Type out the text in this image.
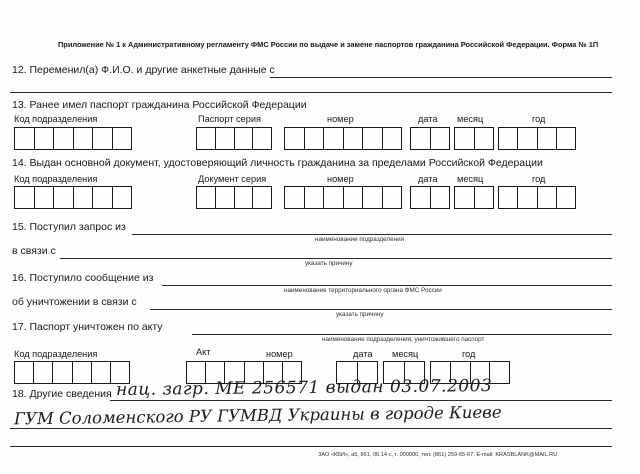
Приложение № 1 к Административному регламенту ФМС России по выдаче и замене паспортов гражданина Российской Федерации. Форма № 1П
12. Переменил(а) Ф.И.О. и другие анкетные данные с
13. Ранее имел паспорт гражданина Российской Федерации
Код подразделения	Паспорт серия	номер	дата месяц	год
14. Выдан основной документ, удостоверяющий личность гражданина за пределами Российской Федерации
Код подразделения	Документ серия	номер	дата месяц	год
15. Поступил запрос из
наименование подразделения
в связи с
указать причину
16. Поступило сообщение из
наименование территориального органа ФМС России
об уничтожении в связи с
указать причину
17. Паспорт уничтожен по акту
наименование подразделения, уничтожившего паспорт
Код подразделения	Акт	номер	дата месяц	год
18. Другие сведения нац. загр. МЕ 256571 выдан 03.07.2003
ГУМ Соломенского РУ ГУМВД Украины в городе Киеве
ЗАО «КБИ», а5, 861, 06.14 г., т. 000000, тел. (861) 259-65-67. E-mail: KRASBLANK@MAIL.RU
